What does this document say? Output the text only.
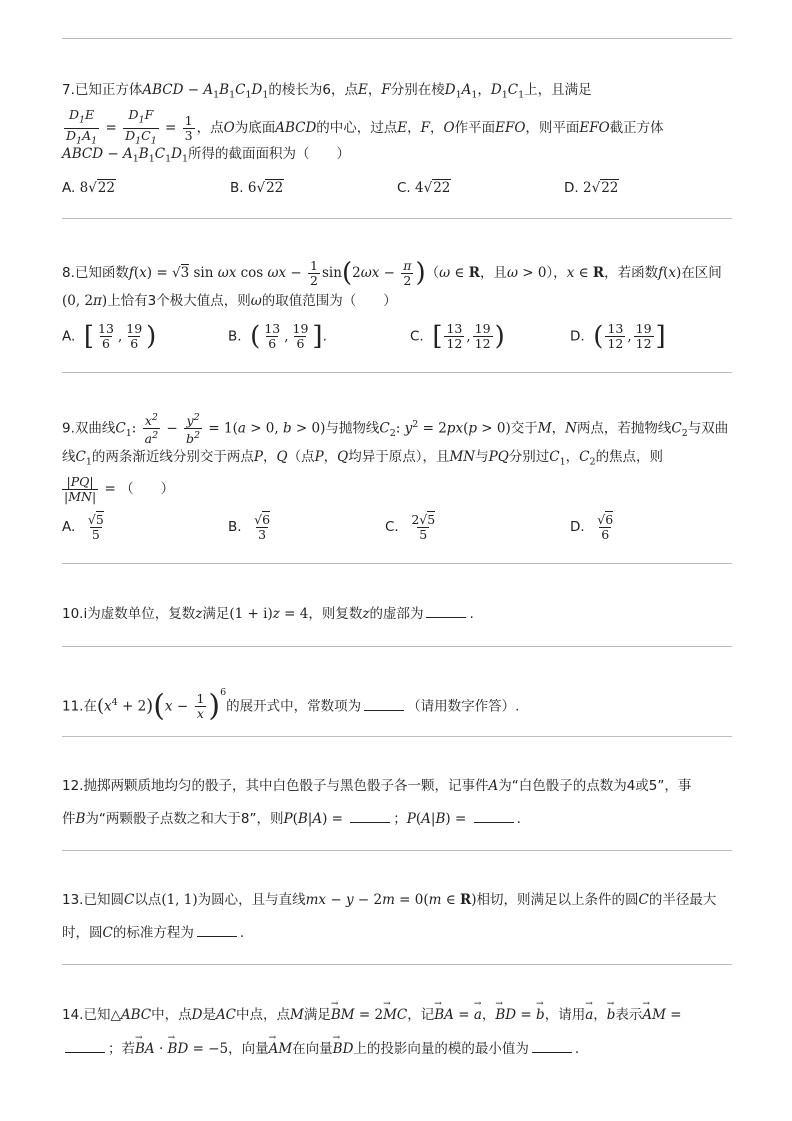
7.已知正方体ABCD − $A_1B_1C_1D_1$的棱长为6，点E，F分别在棱$D_1A_1$，$D_1C_1$上，且满足
$\frac{D_1E}{D_1A_1} = \frac{D_1F}{D_1C_1} = \frac{1}{3}$ ，点O为底面ABCD的中心，过点E，F，O作平面EFO，则平面EFO截正方体
ABCD − $A_1B_1C_1D_1$所得的截面面积为（　　）
A. 8√22	B. 6√22	C. 4√22	D. 2√22
8.已知函数f(x) = √3 sin ωx $\cos \omega x - \frac{1}{2} \sin(2\omega x - \frac{\pi}{2} )(\omega$ ∈ R，且ω > 0），x ∈ R，若函数f(x)在区间
(0, 2π)上恰有3个极大值点，则ω的取值范围为（　　）
A. [ $\frac{13}{6}$ , $\frac{19}{6}$ )	B. ( $\frac{13}{6}$ , $\frac{19}{6}$ ].	C. [ $\frac{13}{12}$ , $\frac{19}{12}$ )	D. ( $\frac{13}{12}$ , $\frac{19}{12}$ ]
9.双曲线$C_1$: $\frac{x^2}{a^2} - \frac{y^2}{b^2} = 1(a > 0$, b > 0)与抛物线$C_2$: $y^2 = 2px(p > 0)$交于M，N两点，若抛物线$C_2$与双曲
线$C_1$的两条渐近线分别交于两点P，Q（点P，Q均异于原点），且MN与PQ分别过$C_1$，$C_2$的焦点，则
$\frac{|PQ|}{|MN|}$ = （　　）
A. $\frac{√5}{5}$	B. $\frac{√6}{3}$	C. $\frac{2√5}{5}$	D. $\frac{√6}{6}$
10.i为虚数单位，复数z满足(1 + i)z = 4，则复数z的虚部为	.
11.在$(x^4 + 2)(x - \frac{1}{x} )^6$的展开式中，常数项为	（请用数字作答）.
12.抛掷两颗质地均匀的骰子，其中白色骰子与黑色骰子各一颗，记事件A为“白色骰子的点数为4或5”，事
件B为“两颗骰子点数之和大于8”，则P(B|A) =	；P(A|B) =	.
13.已知圆C以点(1, 1)为圆心，且与直线mx − y − 2m = 0(m ∈ R)相切，则满足以上条件的圆C的半径最大
时，圆C的标准方程为	.
14.已知△ABC中，点D是AC中点，点M满足→ BM = 2→ MC，记→ BA = → a，→ BD = → b，请用→ a，→ b表示→ AM =
；若→ BA · → BD = −5，向量→ AM在向量→ BD上的投影向量的模的最小值为	.
